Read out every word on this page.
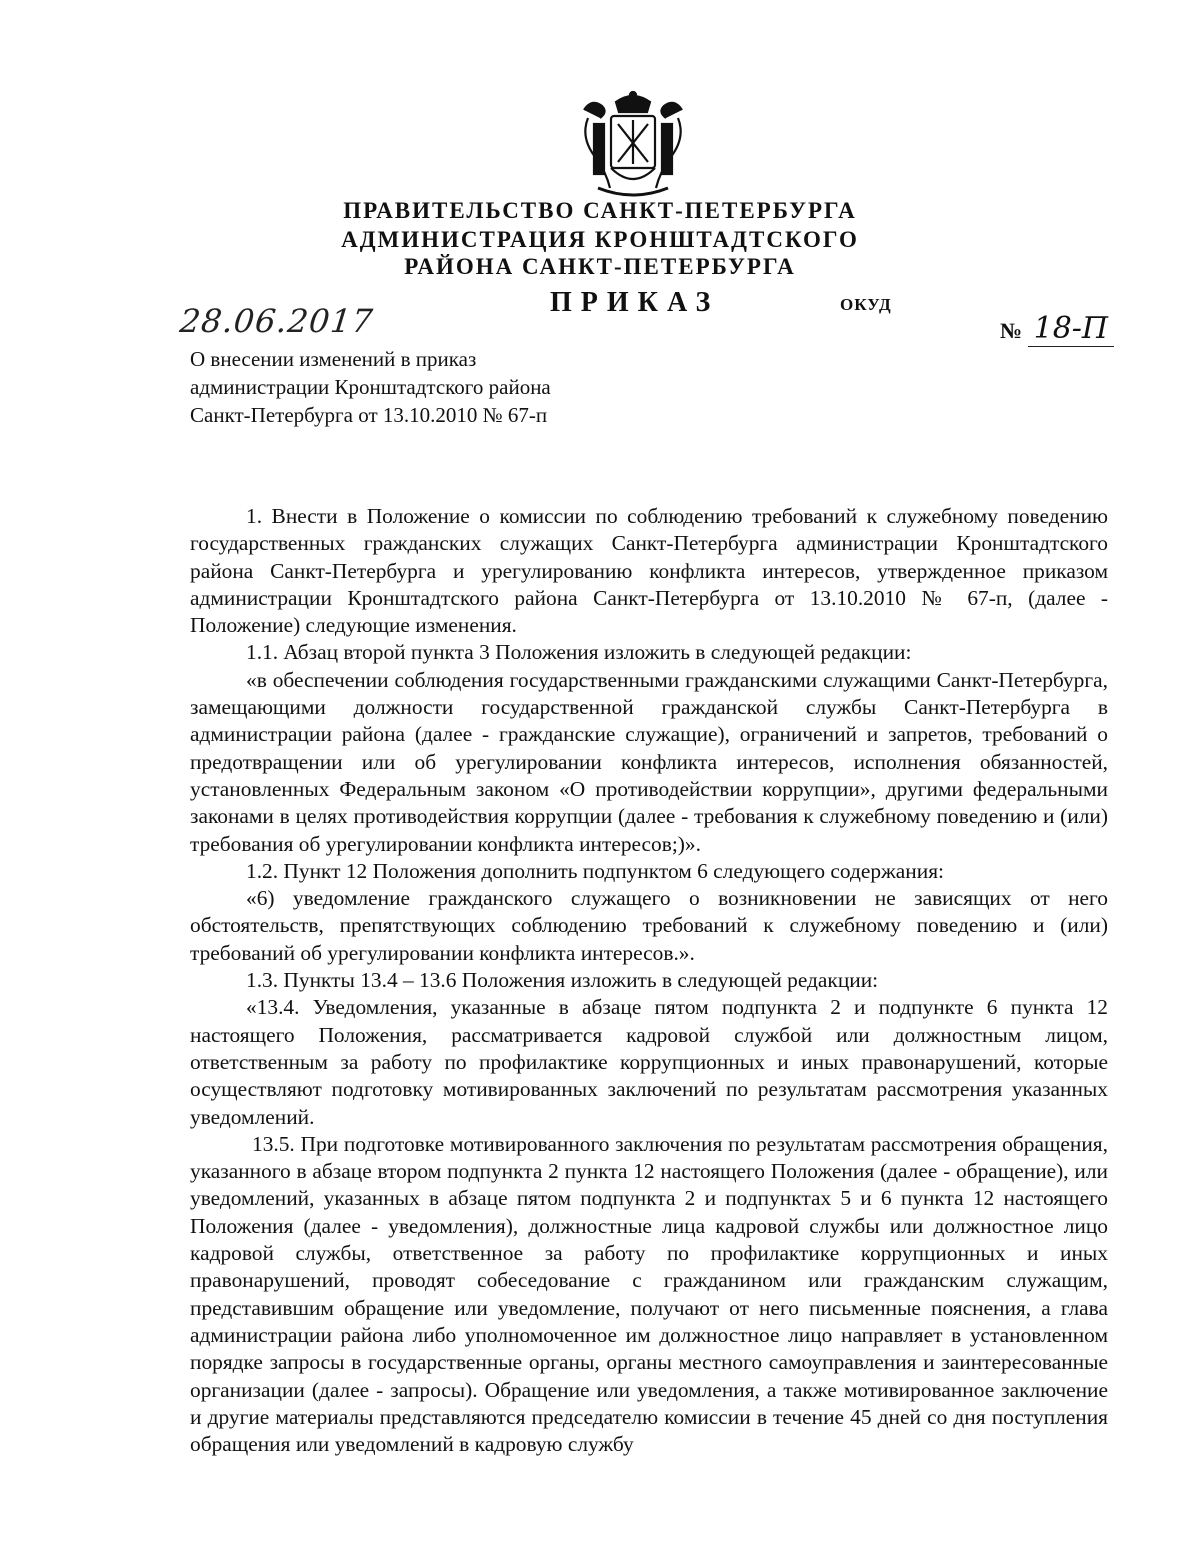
ПРАВИТЕЛЬСТВО САНКТ-ПЕТЕРБУРГА
АДМИНИСТРАЦИЯ КРОНШТАДТСКОГО
РАЙОНА САНКТ-ПЕТЕРБУРГА
ПРИКАЗ	ОКУД
28.06.2017	№ 18-П
О внесении изменений в приказ
администрации Кронштадтского района
Санкт-Петербурга от 13.10.2010 № 67-п

1. Внести в Положение о комиссии по соблюдению требований к служебному поведению государственных гражданских служащих Санкт-Петербурга администрации Кронштадтского района Санкт-Петербурга и урегулированию конфликта интересов, утвержденное приказом администрации Кронштадтского района Санкт-Петербурга от 13.10.2010 № 67-п, (далее - Положение) следующие изменения.

1.1. Абзац второй пункта 3 Положения изложить в следующей редакции:

«в обеспечении соблюдения государственными гражданскими служащими Санкт-Петербурга, замещающими должности государственной гражданской службы Санкт-Петербурга в администрации района (далее - гражданские служащие), ограничений и запретов, требований о предотвращении или об урегулировании конфликта интересов, исполнения обязанностей, установленных Федеральным законом «О противодействии коррупции», другими федеральными законами в целях противодействия коррупции (далее - требования к служебному поведению и (или) требования об урегулировании конфликта интересов;)».

1.2. Пункт 12 Положения дополнить подпунктом 6 следующего содержания:

«6) уведомление гражданского служащего о возникновении не зависящих от него обстоятельств, препятствующих соблюдению требований к служебному поведению и (или) требований об урегулировании конфликта интересов.».

1.3. Пункты 13.4 – 13.6 Положения изложить в следующей редакции:

«13.4. Уведомления, указанные в абзаце пятом подпункта 2 и подпункте 6 пункта 12 настоящего Положения, рассматривается кадровой службой или должностным лицом, ответственным за работу по профилактике коррупционных и иных правонарушений, которые осуществляют подготовку мотивированных заключений по результатам рассмотрения указанных уведомлений.

13.5. При подготовке мотивированного заключения по результатам рассмотрения обращения, указанного в абзаце втором подпункта 2 пункта 12 настоящего Положения (далее - обращение), или уведомлений, указанных в абзаце пятом подпункта 2 и подпунктах 5 и 6 пункта 12 настоящего Положения (далее - уведомления), должностные лица кадровой службы или должностное лицо кадровой службы, ответственное за работу по профилактике коррупционных и иных правонарушений, проводят собеседование с гражданином или гражданским служащим, представившим обращение или уведомление, получают от него письменные пояснения, а глава администрации района либо уполномоченное им должностное лицо направляет в установленном порядке запросы в государственные органы, органы местного самоуправления и заинтересованные организации (далее - запросы). Обращение или уведомления, а также мотивированное заключение и другие материалы представляются председателю комиссии в течение 45 дней со дня поступления обращения или уведомлений в кадровую службу
